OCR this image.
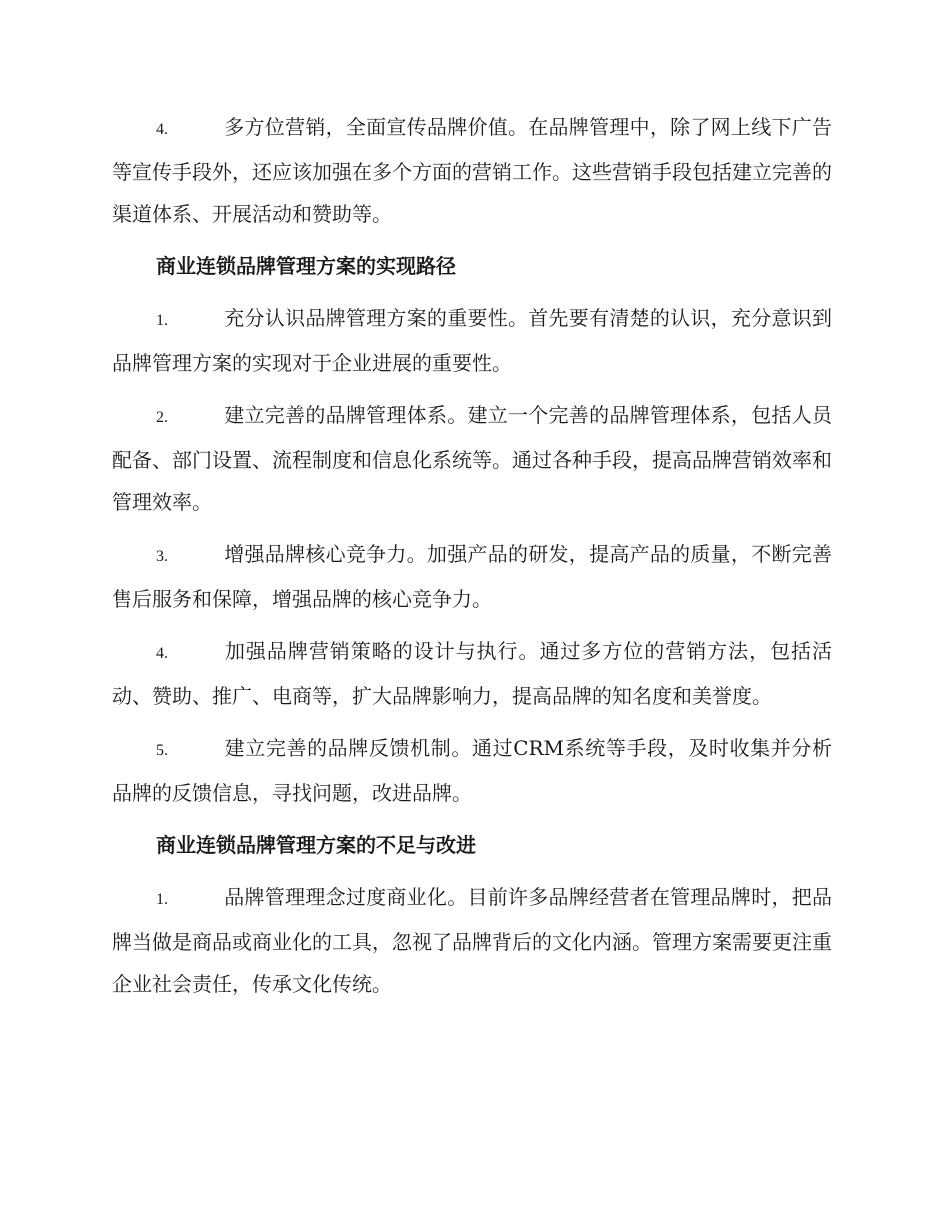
4.	多方位营销，全面宣传品牌价值。在品牌管理中，除了网上线下广告等宣传手段外，还应该加强在多个方面的营销工作。这些营销手段包括建立完善的渠道体系、开展活动和赞助等。

商业连锁品牌管理方案的实现路径

1.	充分认识品牌管理方案的重要性。首先要有清楚的认识，充分意识到品牌管理方案的实现对于企业进展的重要性。

2.	建立完善的品牌管理体系。建立一个完善的品牌管理体系，包括人员配备、部门设置、流程制度和信息化系统等。通过各种手段，提高品牌营销效率和管理效率。

3.	增强品牌核心竞争力。加强产品的研发，提高产品的质量，不断完善售后服务和保障，增强品牌的核心竞争力。

4.	加强品牌营销策略的设计与执行。通过多方位的营销方法，包括活动、赞助、推广、电商等，扩大品牌影响力，提高品牌的知名度和美誉度。

5.	建立完善的品牌反馈机制。通过CRM系统等手段，及时收集并分析品牌的反馈信息，寻找问题，改进品牌。

商业连锁品牌管理方案的不足与改进

1.	品牌管理理念过度商业化。目前许多品牌经营者在管理品牌时，把品牌当做是商品或商业化的工具，忽视了品牌背后的文化内涵。管理方案需要更注重企业社会责任，传承文化传统。
